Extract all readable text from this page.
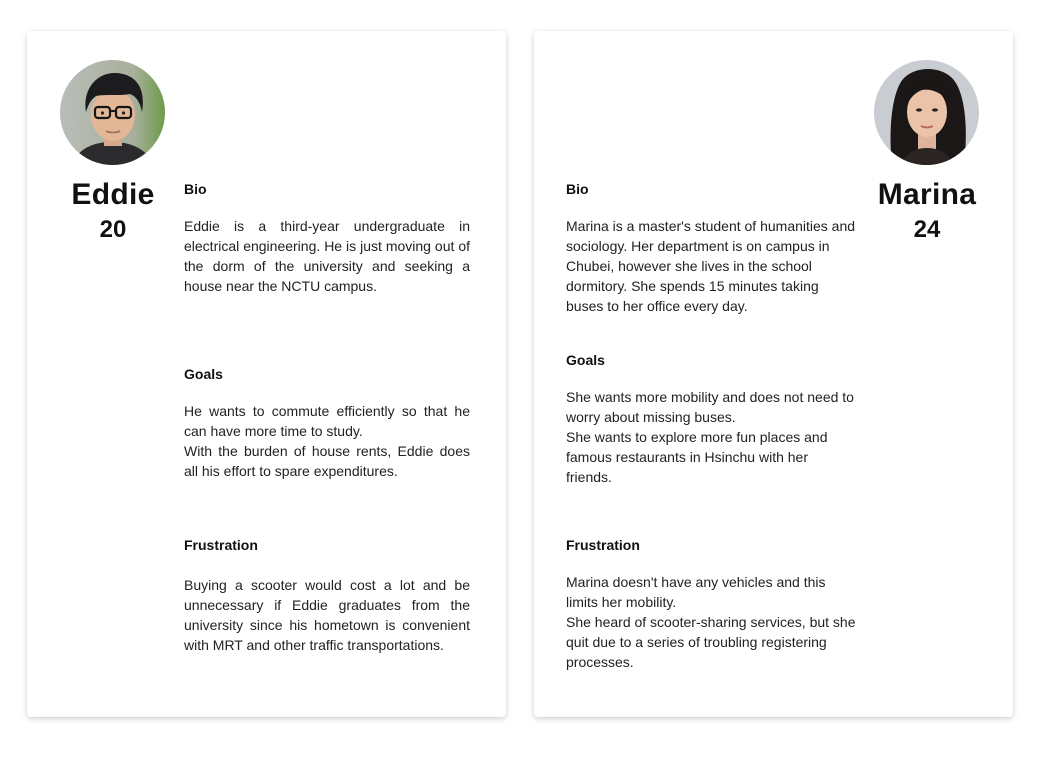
Eddie
20
Bio
Eddie is a third-year undergraduate in electrical engineering. He is just moving out of the dorm of the university and seeking a house near the NCTU campus.
Goals

He wants to commute efficiently so that he can have more time to study.

With the burden of house rents, Eddie does all his effort to spare expenditures.

Frustration
Buying a scooter would cost a lot and be unnecessary if Eddie graduates from the university since his hometown is convenient with MRT and other traffic transportations.
Marina
24
Bio
Marina is a master's student of humanities and sociology. Her department is on campus in Chubei, however she lives in the school dormitory. She spends 15 minutes taking buses to her office every day.
Goals

She wants more mobility and does not need to worry about missing buses.

She wants to explore more fun places and famous restaurants in Hsinchu with her friends.

Frustration

Marina doesn't have any vehicles and this limits her mobility.

She heard of scooter-sharing services, but she quit due to a series of troubling registering processes.
